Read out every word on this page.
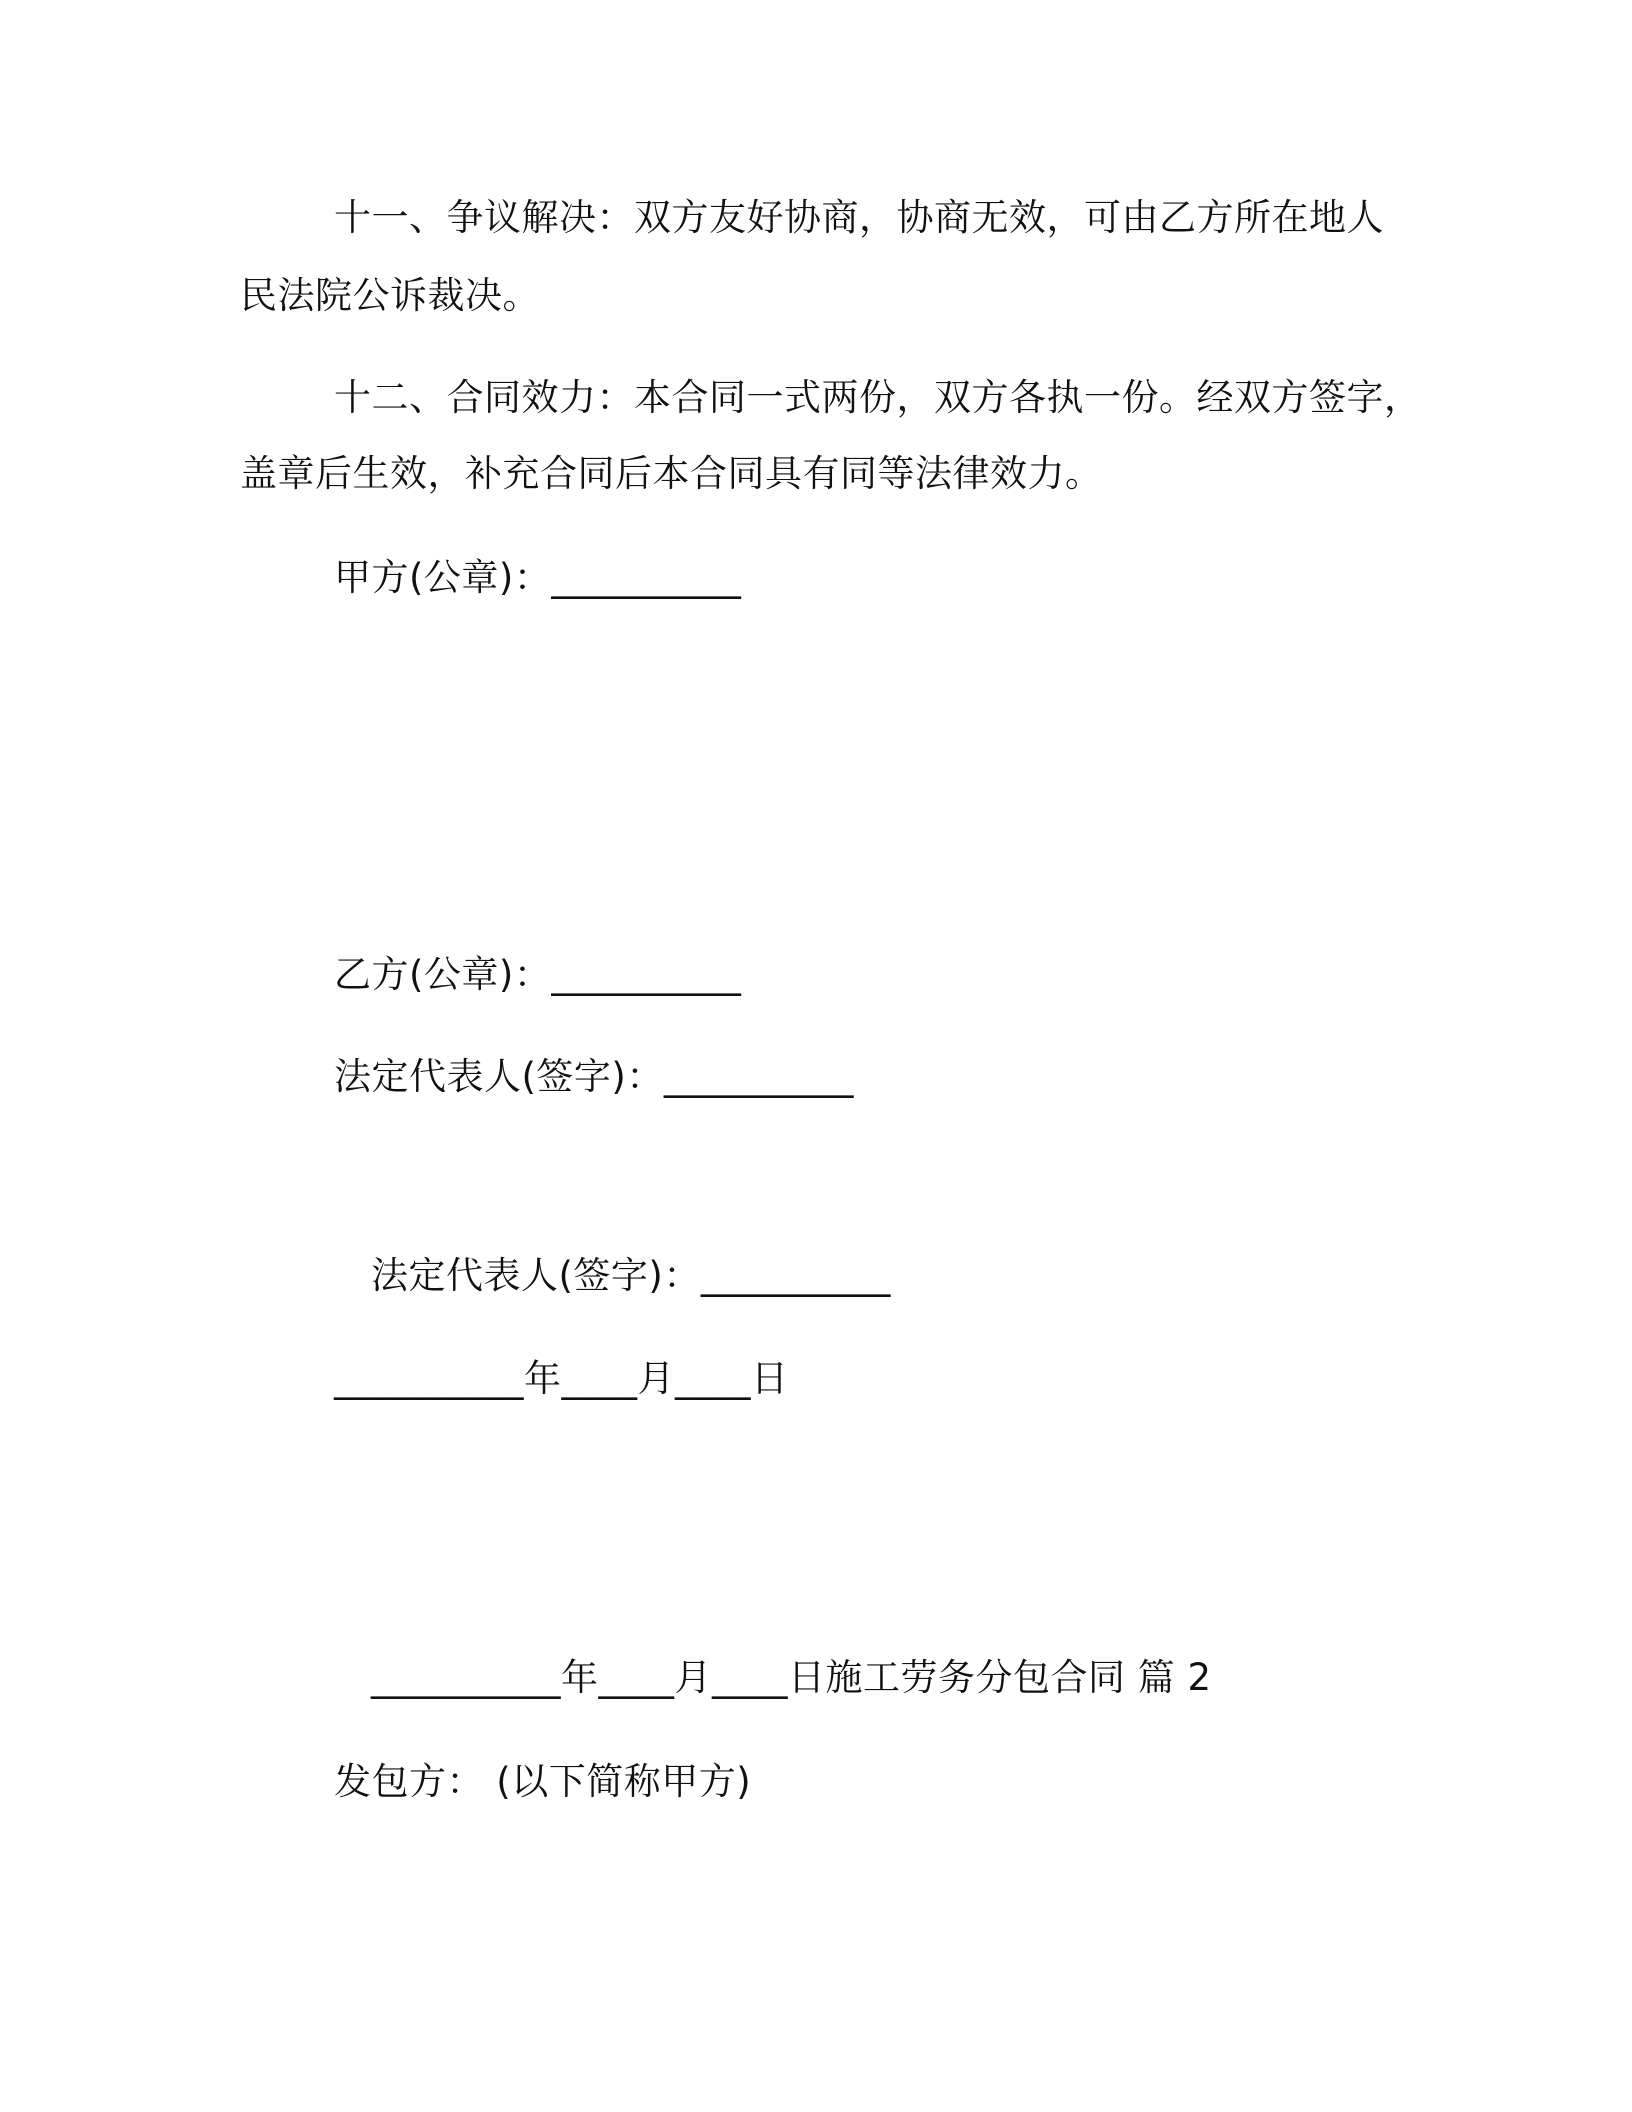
十一、争议解决：双方友好协商，协商无效，可由乙方所在地人

民法院公诉裁决。

十二、合同效力：本合同一式两份，双方各执一份。经双方签字，

盖章后生效，补充合同后本合同具有同等法律效力。

甲方(公章)：__________

乙方(公章)：__________

法定代表人(签字)：__________

法定代表人(签字)：__________

__________年____月____日

__________年____月____日施工劳务分包合同 篇 2

发包方： (以下简称甲方)
